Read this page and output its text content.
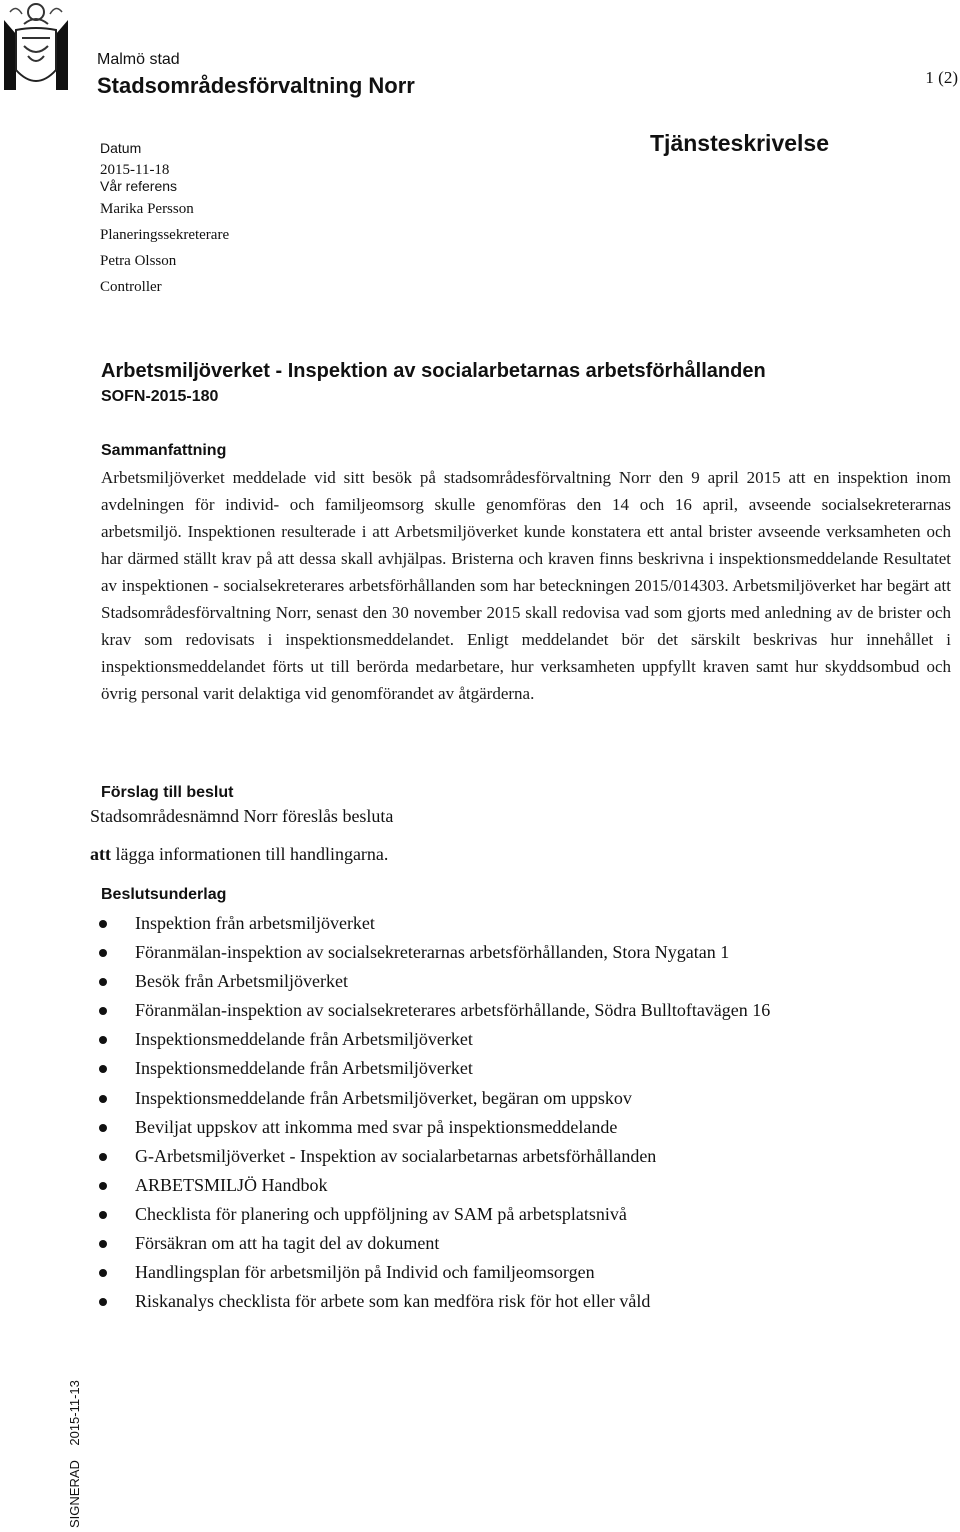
Malmö stad
Stadsområdesförvaltning Norr	1 (2)
Datum
2015-11-18
Vår referens
Marika Persson
Planeringssekreterare
Petra Olsson
Controller
Tjänsteskrivelse
Arbetsmiljöverket - Inspektion av socialarbetarnas arbetsförhållanden
SOFN-2015-180
Sammanfattning
Arbetsmiljöverket meddelade vid sitt besök på stadsområdesförvaltning Norr den 9 april 2015 att en inspektion inom avdelningen för individ- och familjeomsorg skulle genomföras den 14 och 16 april, avseende socialsekreterarnas arbetsmiljö. Inspektionen resulterade i att Arbetsmiljöverket kunde konstatera ett antal brister avseende verksamheten och har därmed ställt krav på att dessa skall avhjälpas. Bristerna och kraven finns beskrivna i inspektionsmeddelande Resultatet av inspektionen - socialsekreterares arbetsförhållanden som har beteckningen 2015/014303. Arbetsmiljöverket har begärt att Stadsområdesförvaltning Norr, senast den 30 november 2015 skall redovisa vad som gjorts med anledning av de brister och krav som redovisats i inspektionsmeddelandet. Enligt meddelandet bör det särskilt beskrivas hur innehållet i inspektionsmeddelandet förts ut till berörda medarbetare, hur verksamheten uppfyllt kraven samt hur skyddsombud och övrig personal varit delaktiga vid genomförandet av åtgärderna.
Förslag till beslut
Stadsområdesnämnd Norr föreslås besluta
att lägga informationen till handlingarna.
Beslutsunderlag
Inspektion från arbetsmiljöverket
Föranmälan-inspektion av socialsekreterarnas arbetsförhållanden, Stora Nygatan 1
Besök från Arbetsmiljöverket
Föranmälan-inspektion av socialsekreterares arbetsförhållande, Södra Bulltoftavägen 16
Inspektionsmeddelande från Arbetsmiljöverket
Inspektionsmeddelande från Arbetsmiljöverket
Inspektionsmeddelande från Arbetsmiljöverket, begäran om uppskov
Beviljat uppskov att inkomma med svar på inspektionsmeddelande
G-Arbetsmiljöverket - Inspektion av socialarbetarnas arbetsförhållanden
ARBETSMILJÖ Handbok
Checklista för planering och uppföljning av SAM på arbetsplatsnivå
Försäkran om att ha tagit del av dokument
Handlingsplan för arbetsmiljön på Individ och familjeomsorgen
Riskanalys checklista för arbete som kan medföra risk för hot eller våld
SIGNERAD    2015-11-13
